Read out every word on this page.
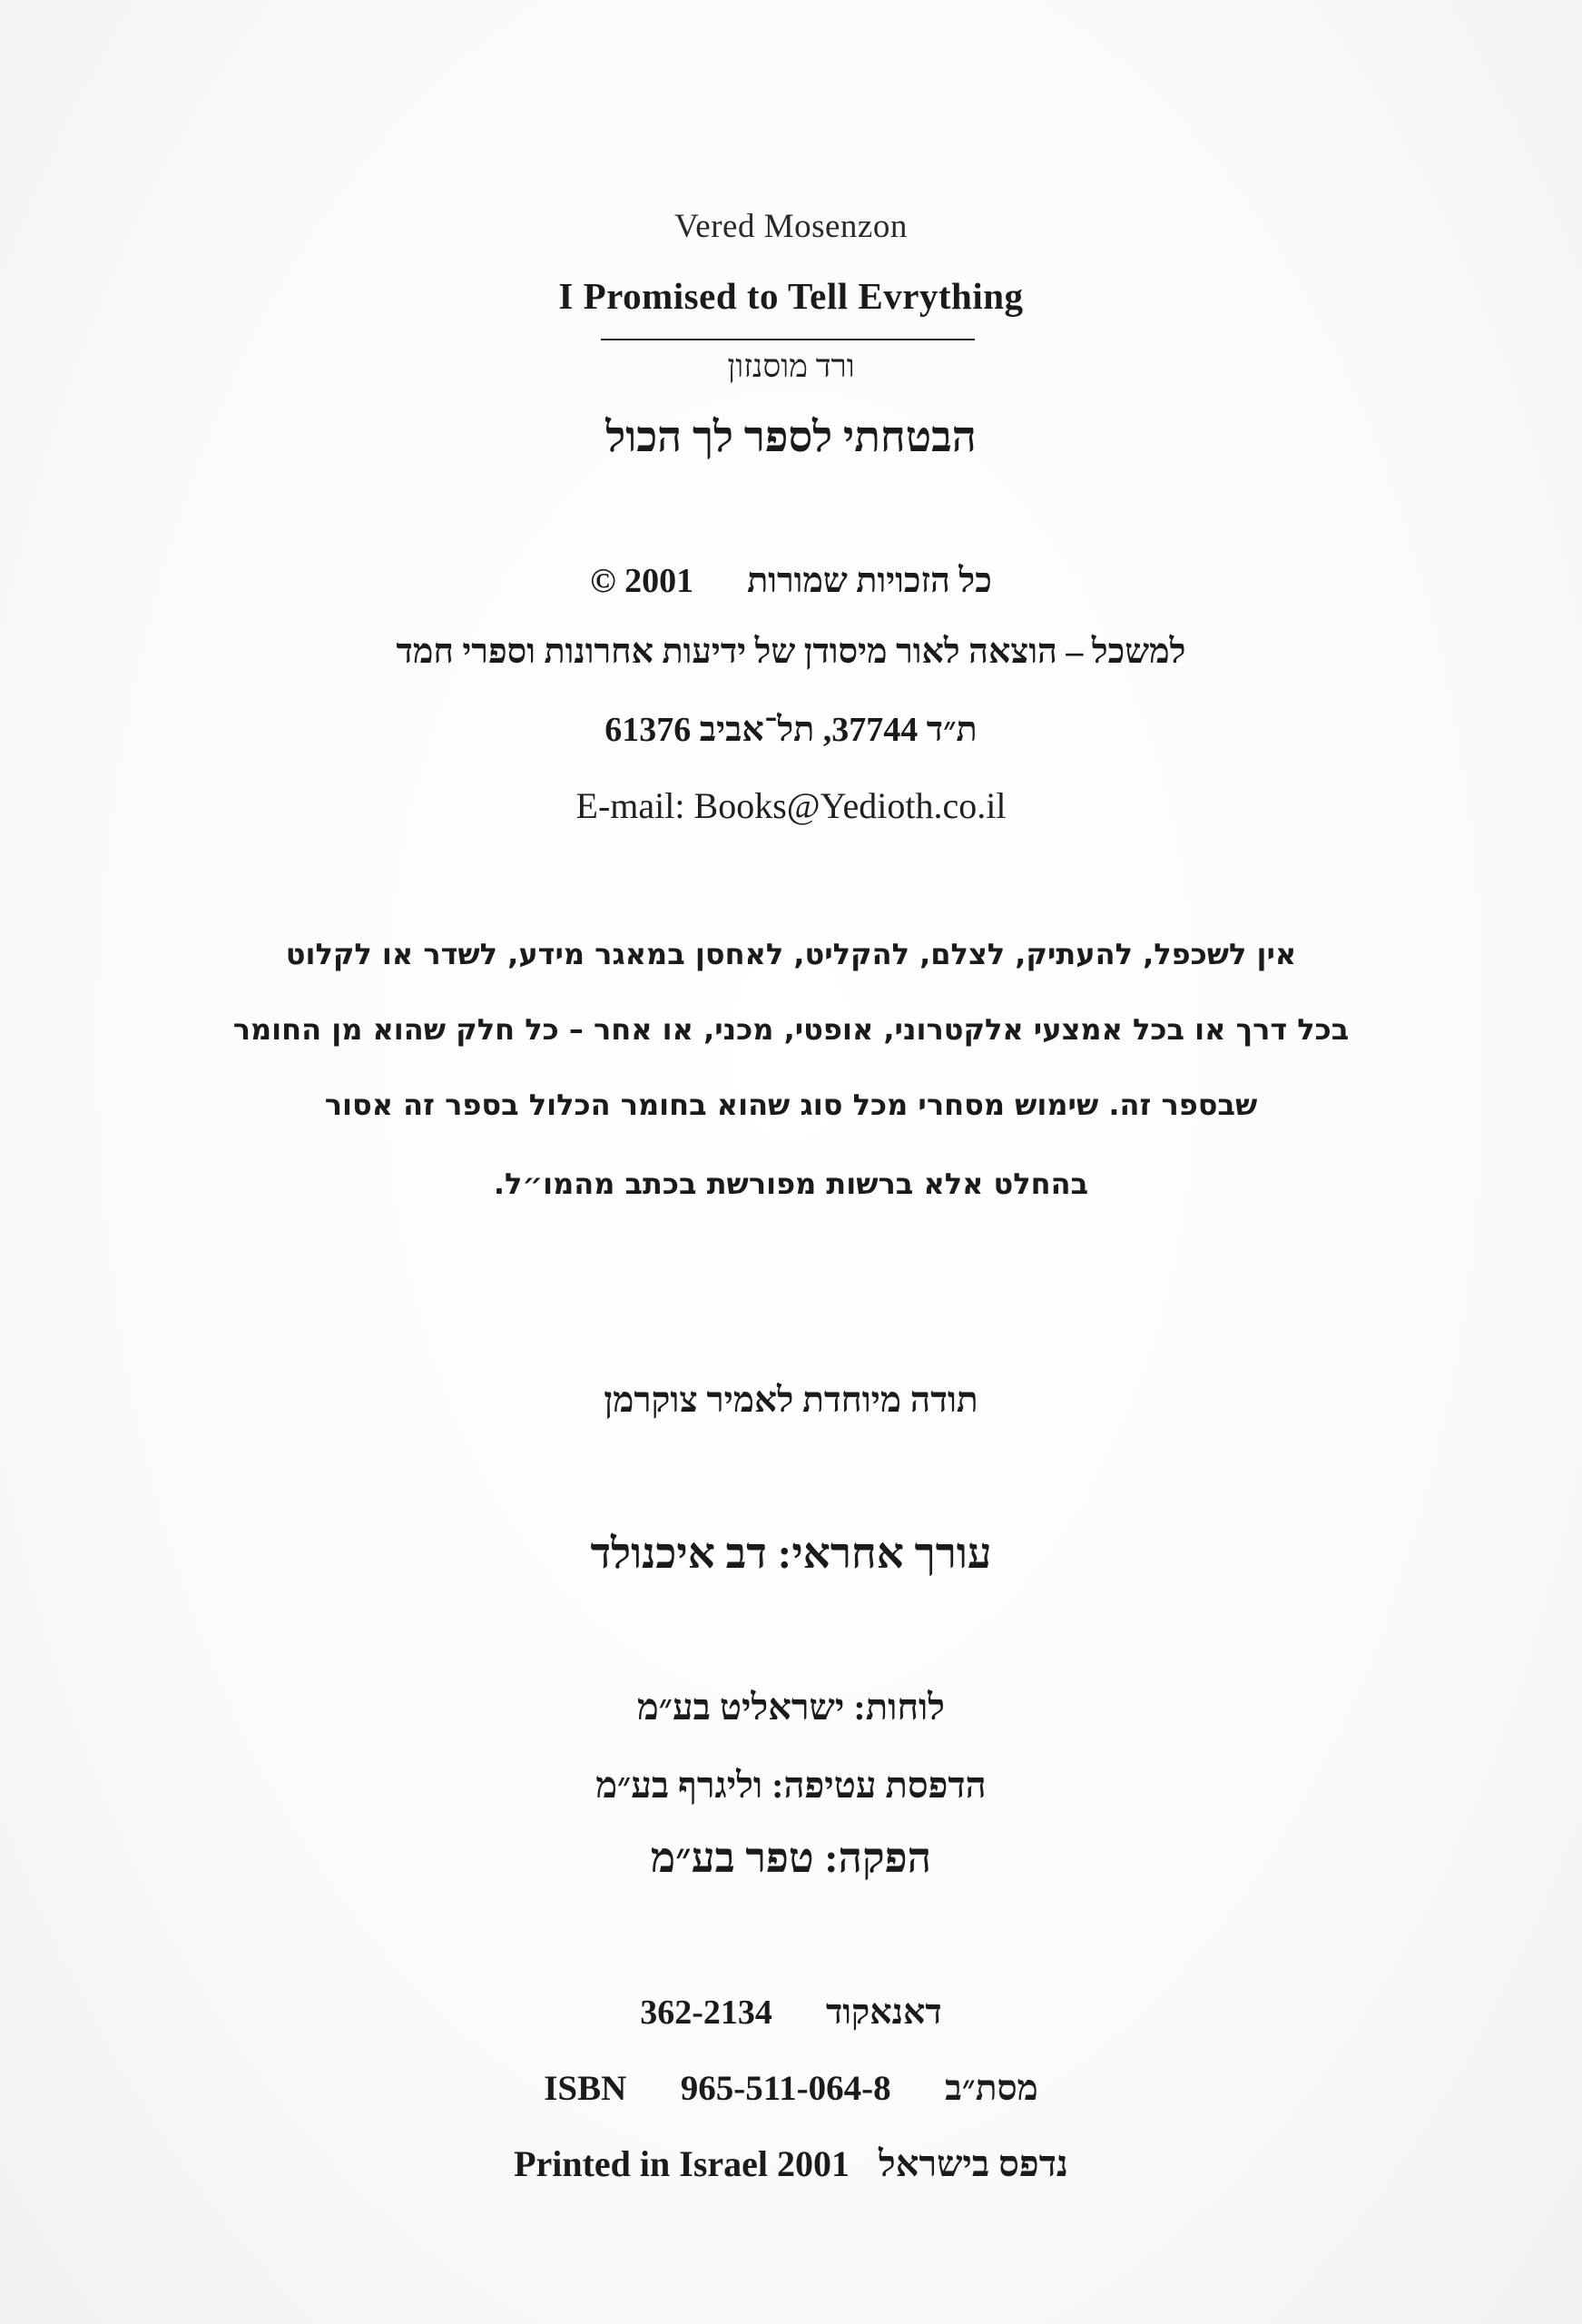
Vered Mosenzon
I Promised to Tell Evrything
ורד מוסנזון
הבטחתי לספר לך הכול
כל הזכויות שמורות  © 2001
למשכל – הוצאה לאור מיסודן של ידיעות אחרונות וספרי חמד
ת״ד 37744, תל־אביב 61376
E-mail: Books@Yedioth.co.il
אין לשכפל, להעתיק, לצלם, להקליט, לאחסן במאגר מידע, לשדר או לקלוט
בכל דרך או בכל אמצעי אלקטרוני, אופטי, מכני, או אחר – כל חלק שהוא מן החומר
שבספר זה. שימוש מסחרי מכל סוג שהוא בחומר הכלול בספר זה אסור
בהחלט אלא ברשות מפורשת בכתב מהמו״ל.
תודה מיוחדת לאמיר צוקרמן
עורך אחראי: דב איכנולד
לוחות: ישראליט בע״מ
הדפסת עטיפה: וליגרף בע״מ
הפקה: טפר בע״מ
דאנאקוד  362-2134
מסת״ב  965-511-064-8  ISBN
נדפס בישראל  Printed in Israel 2001
